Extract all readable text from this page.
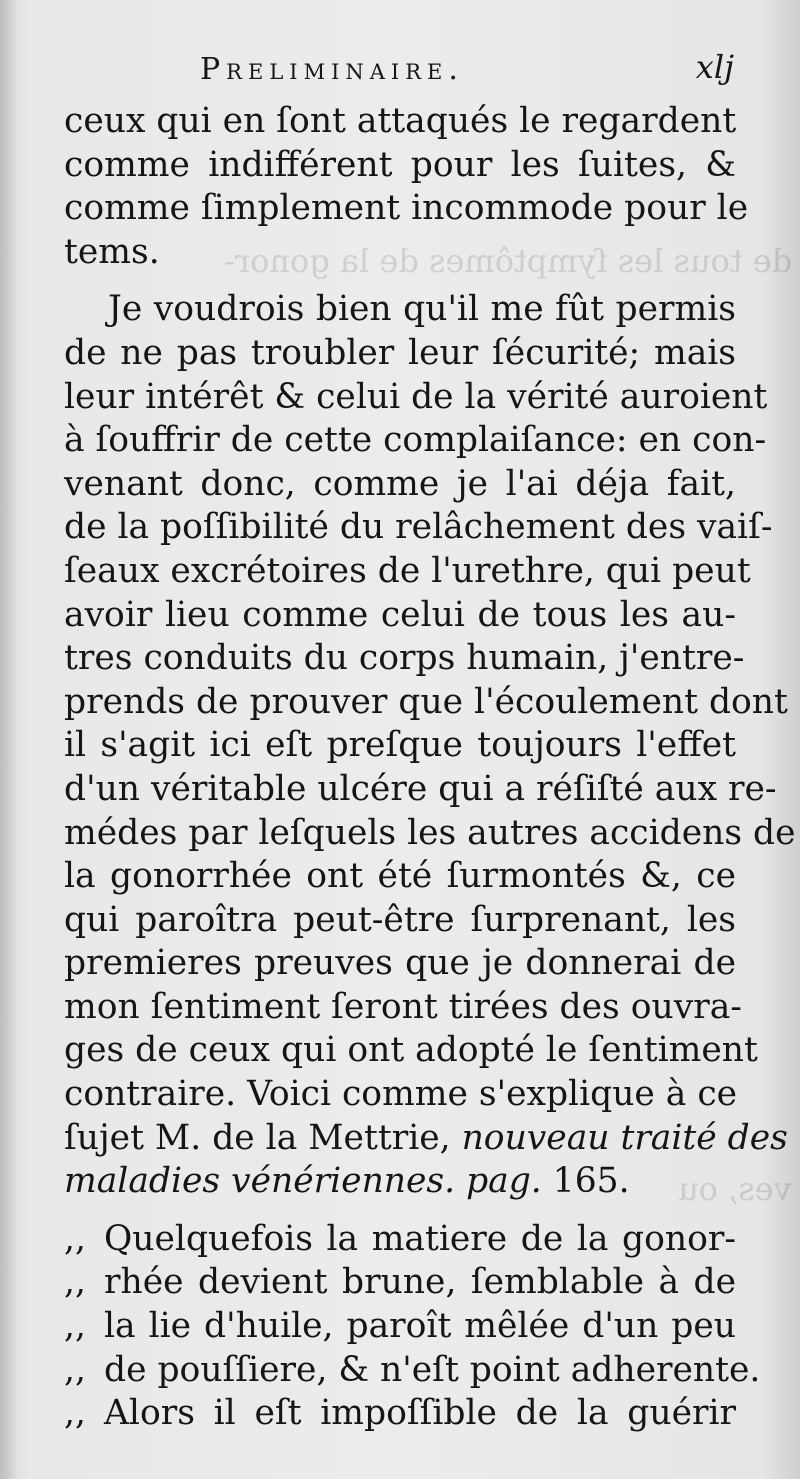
de tous les ſymptômes de la gonor-
ves, ou
Preliminaire.	xlj
ceux qui en ſont attaqués le regardent
comme indifférent pour les ſuites, &
comme ſimplement incommode pour le
tems.
Je voudrois bien qu'il me fût permis
de ne pas troubler leur ſécurité; mais
leur intérêt & celui de la vérité auroient
à ſouffrir de cette complaiſance: en con-
venant donc, comme je l'ai déja fait,
de la poſſibilité du relâchement des vaiſ-
ſeaux excrétoires de l'urethre, qui peut
avoir lieu comme celui de tous les au-
tres conduits du corps humain, j'entre-
prends de prouver que l'écoulement dont
il s'agit ici eſt preſque toujours l'effet
d'un véritable ulcére qui a réſiſté aux re-
médes par leſquels les autres accidens de
la gonorrhée ont été ſurmontés &, ce
qui paroîtra peut-être ſurprenant, les
premieres preuves que je donnerai de
mon ſentiment ſeront tirées des ouvra-
ges de ceux qui ont adopté le ſentiment
contraire. Voici comme s'explique à ce
ſujet M. de la Mettrie, nouveau traité des
maladies vénériennes. pag. 165.
,, Quelquefois la matiere de la gonor-
,, rhée devient brune, ſemblable à de
,, la lie d'huile, paroît mêlée d'un peu
,, de pouſſiere, & n'eſt point adherente.
,, Alors il eſt impoſſible de la guérir
